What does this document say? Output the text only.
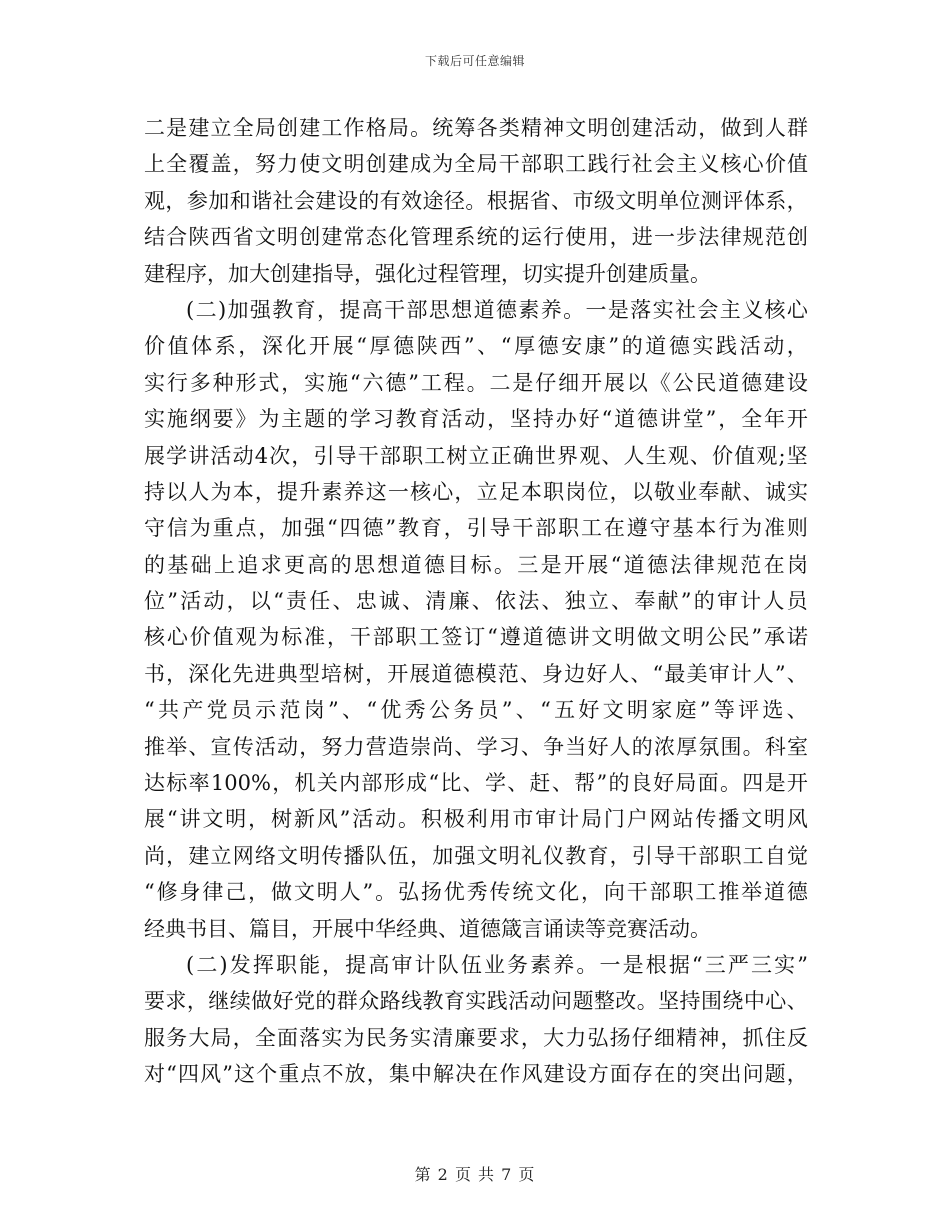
下载后可任意编辑
二 是 建 立 全 局 创 建 工 作 格 局 。 统 筹 各 类 精 神 文 明 创 建 活 动 ， 做 到 人 群
上 全 覆 盖 ， 努 力 使 文 明 创 建 成 为 全 局 干 部 职 工 践 行 社 会 主 义 核 心 价 值
观 ， 参 加 和 谐 社 会 建 设 的 有 效 途 径 。 根 据 省 、 市 级 文 明 单 位 测 评 体 系 ，
结 合 陕 西 省 文 明 创 建 常 态 化 管 理 系 统 的 运 行 使 用 ， 进 一 步 法 律 规 范 创
建 程 序 ， 加 大 创 建 指 导 ， 强 化 过 程 管 理 ， 切 实 提 升 创 建 质 量 。
( 二 ) 加 强 教 育 ， 提 高 干 部 思 想 道 德 素 养 。 一 是 落 实 社 会 主 义 核 心
价 值 体 系 ， 深 化 开 展 “ 厚 德 陕 西 ” 、 “ 厚 德 安 康 ” 的 道 德 实 践 活 动 ，
实 行 多 种 形 式 ， 实 施 “ 六 德 ” 工 程 。 二 是 仔 细 开 展 以 《 公 民 道 德 建 设
实 施 纲 要 》 为 主 题 的 学 习 教 育 活 动 ， 坚 持 办 好 “ 道 德 讲 堂 ” ， 全 年 开
展 学 讲 活 动 4 次 ， 引 导 干 部 职 工 树 立 正 确 世 界 观 、 人 生 观 、 价 值 观 ; 坚
持 以 人 为 本 ， 提 升 素 养 这 一 核 心 ， 立 足 本 职 岗 位 ， 以 敬 业 奉 献 、 诚 实
守 信 为 重 点 ， 加 强 “ 四 德 ” 教 育 ， 引 导 干 部 职 工 在 遵 守 基 本 行 为 准 则
的 基 础 上 追 求 更 高 的 思 想 道 德 目 标 。 三 是 开 展 “ 道 德 法 律 规 范 在 岗
位 ” 活 动 ， 以 “ 责 任 、 忠 诚 、 清 廉 、 依 法 、 独 立 、 奉 献 ” 的 审 计 人 员
核 心 价 值 观 为 标 准 ， 干 部 职 工 签 订 “ 遵 道 德 讲 文 明 做 文 明 公 民 ” 承 诺
书 ， 深 化 先 进 典 型 培 树 ， 开 展 道 德 模 范 、 身 边 好 人 、 “ 最 美 审 计 人 ” 、
“ 共 产 党 员 示 范 岗 ” 、 “ 优 秀 公 务 员 ” 、 “ 五 好 文 明 家 庭 ” 等 评 选 、
推 举 、 宣 传 活 动 ， 努 力 营 造 崇 尚 、 学 习 、 争 当 好 人 的 浓 厚 氛 围 。 科 室
达 标 率 100% ， 机 关 内 部 形 成 “ 比 、 学 、 赶 、 帮 ” 的 良 好 局 面 。 四 是 开
展 “ 讲 文 明 ， 树 新 风 ” 活 动 。 积 极 利 用 市 审 计 局 门 户 网 站 传 播 文 明 风
尚 ， 建 立 网 络 文 明 传 播 队 伍 ， 加 强 文 明 礼 仪 教 育 ， 引 导 干 部 职 工 自 觉
“ 修 身 律 己 ， 做 文 明 人 ” 。 弘 扬 优 秀 传 统 文 化 ， 向 干 部 职 工 推 举 道 德
经 典 书 目 、 篇 目 ， 开 展 中 华 经 典 、 道 德 箴 言 诵 读 等 竞 赛 活 动 。
( 二 ) 发 挥 职 能 ， 提 高 审 计 队 伍 业 务 素 养 。 一 是 根 据 “ 三 严 三 实 ”
要 求 ， 继 续 做 好 党 的 群 众 路 线 教 育 实 践 活 动 问 题 整 改 。 坚 持 围 绕 中 心 、
服 务 大 局 ， 全 面 落 实 为 民 务 实 清 廉 要 求 ， 大 力 弘 扬 仔 细 精 神 ， 抓 住 反
对 “ 四 风 ” 这 个 重 点 不 放 ， 集 中 解 决 在 作 风 建 设 方 面 存 在 的 突 出 问 题 ，
第 2 页 共 7 页
